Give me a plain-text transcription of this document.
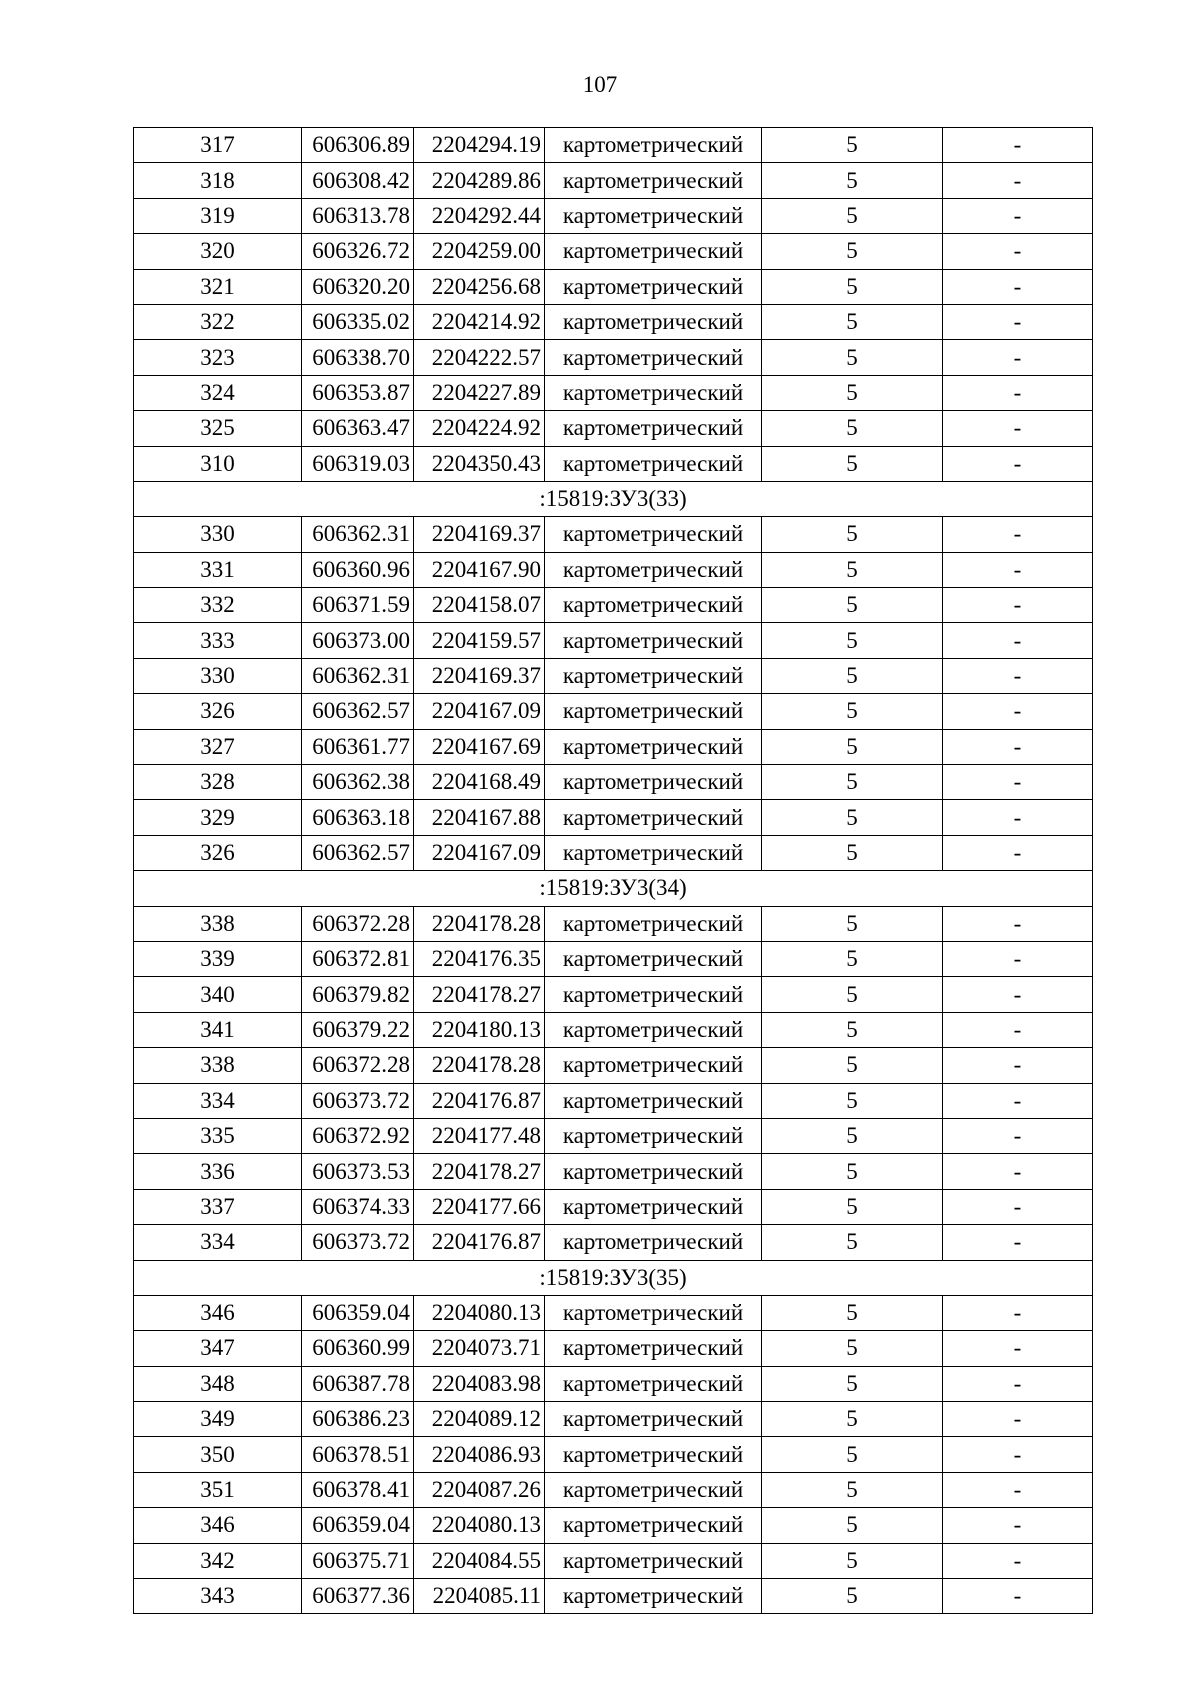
107
317	606306.89	2204294.19	картометрический	5	-
318	606308.42	2204289.86	картометрический	5	-
319	606313.78	2204292.44	картометрический	5	-
320	606326.72	2204259.00	картометрический	5	-
321	606320.20	2204256.68	картометрический	5	-
322	606335.02	2204214.92	картометрический	5	-
323	606338.70	2204222.57	картометрический	5	-
324	606353.87	2204227.89	картометрический	5	-
325	606363.47	2204224.92	картометрический	5	-
310	606319.03	2204350.43	картометрический	5	-
:15819:ЗУ3(33)					
330	606362.31	2204169.37	картометрический	5	-
331	606360.96	2204167.90	картометрический	5	-
332	606371.59	2204158.07	картометрический	5	-
333	606373.00	2204159.57	картометрический	5	-
330	606362.31	2204169.37	картометрический	5	-
326	606362.57	2204167.09	картометрический	5	-
327	606361.77	2204167.69	картометрический	5	-
328	606362.38	2204168.49	картометрический	5	-
329	606363.18	2204167.88	картометрический	5	-
326	606362.57	2204167.09	картометрический	5	-
:15819:ЗУ3(34)					
338	606372.28	2204178.28	картометрический	5	-
339	606372.81	2204176.35	картометрический	5	-
340	606379.82	2204178.27	картометрический	5	-
341	606379.22	2204180.13	картометрический	5	-
338	606372.28	2204178.28	картометрический	5	-
334	606373.72	2204176.87	картометрический	5	-
335	606372.92	2204177.48	картометрический	5	-
336	606373.53	2204178.27	картометрический	5	-
337	606374.33	2204177.66	картометрический	5	-
334	606373.72	2204176.87	картометрический	5	-
:15819:ЗУ3(35)					
346	606359.04	2204080.13	картометрический	5	-
347	606360.99	2204073.71	картометрический	5	-
348	606387.78	2204083.98	картометрический	5	-
349	606386.23	2204089.12	картометрический	5	-
350	606378.51	2204086.93	картометрический	5	-
351	606378.41	2204087.26	картометрический	5	-
346	606359.04	2204080.13	картометрический	5	-
342	606375.71	2204084.55	картометрический	5	-
343	606377.36	2204085.11	картометрический	5	-
